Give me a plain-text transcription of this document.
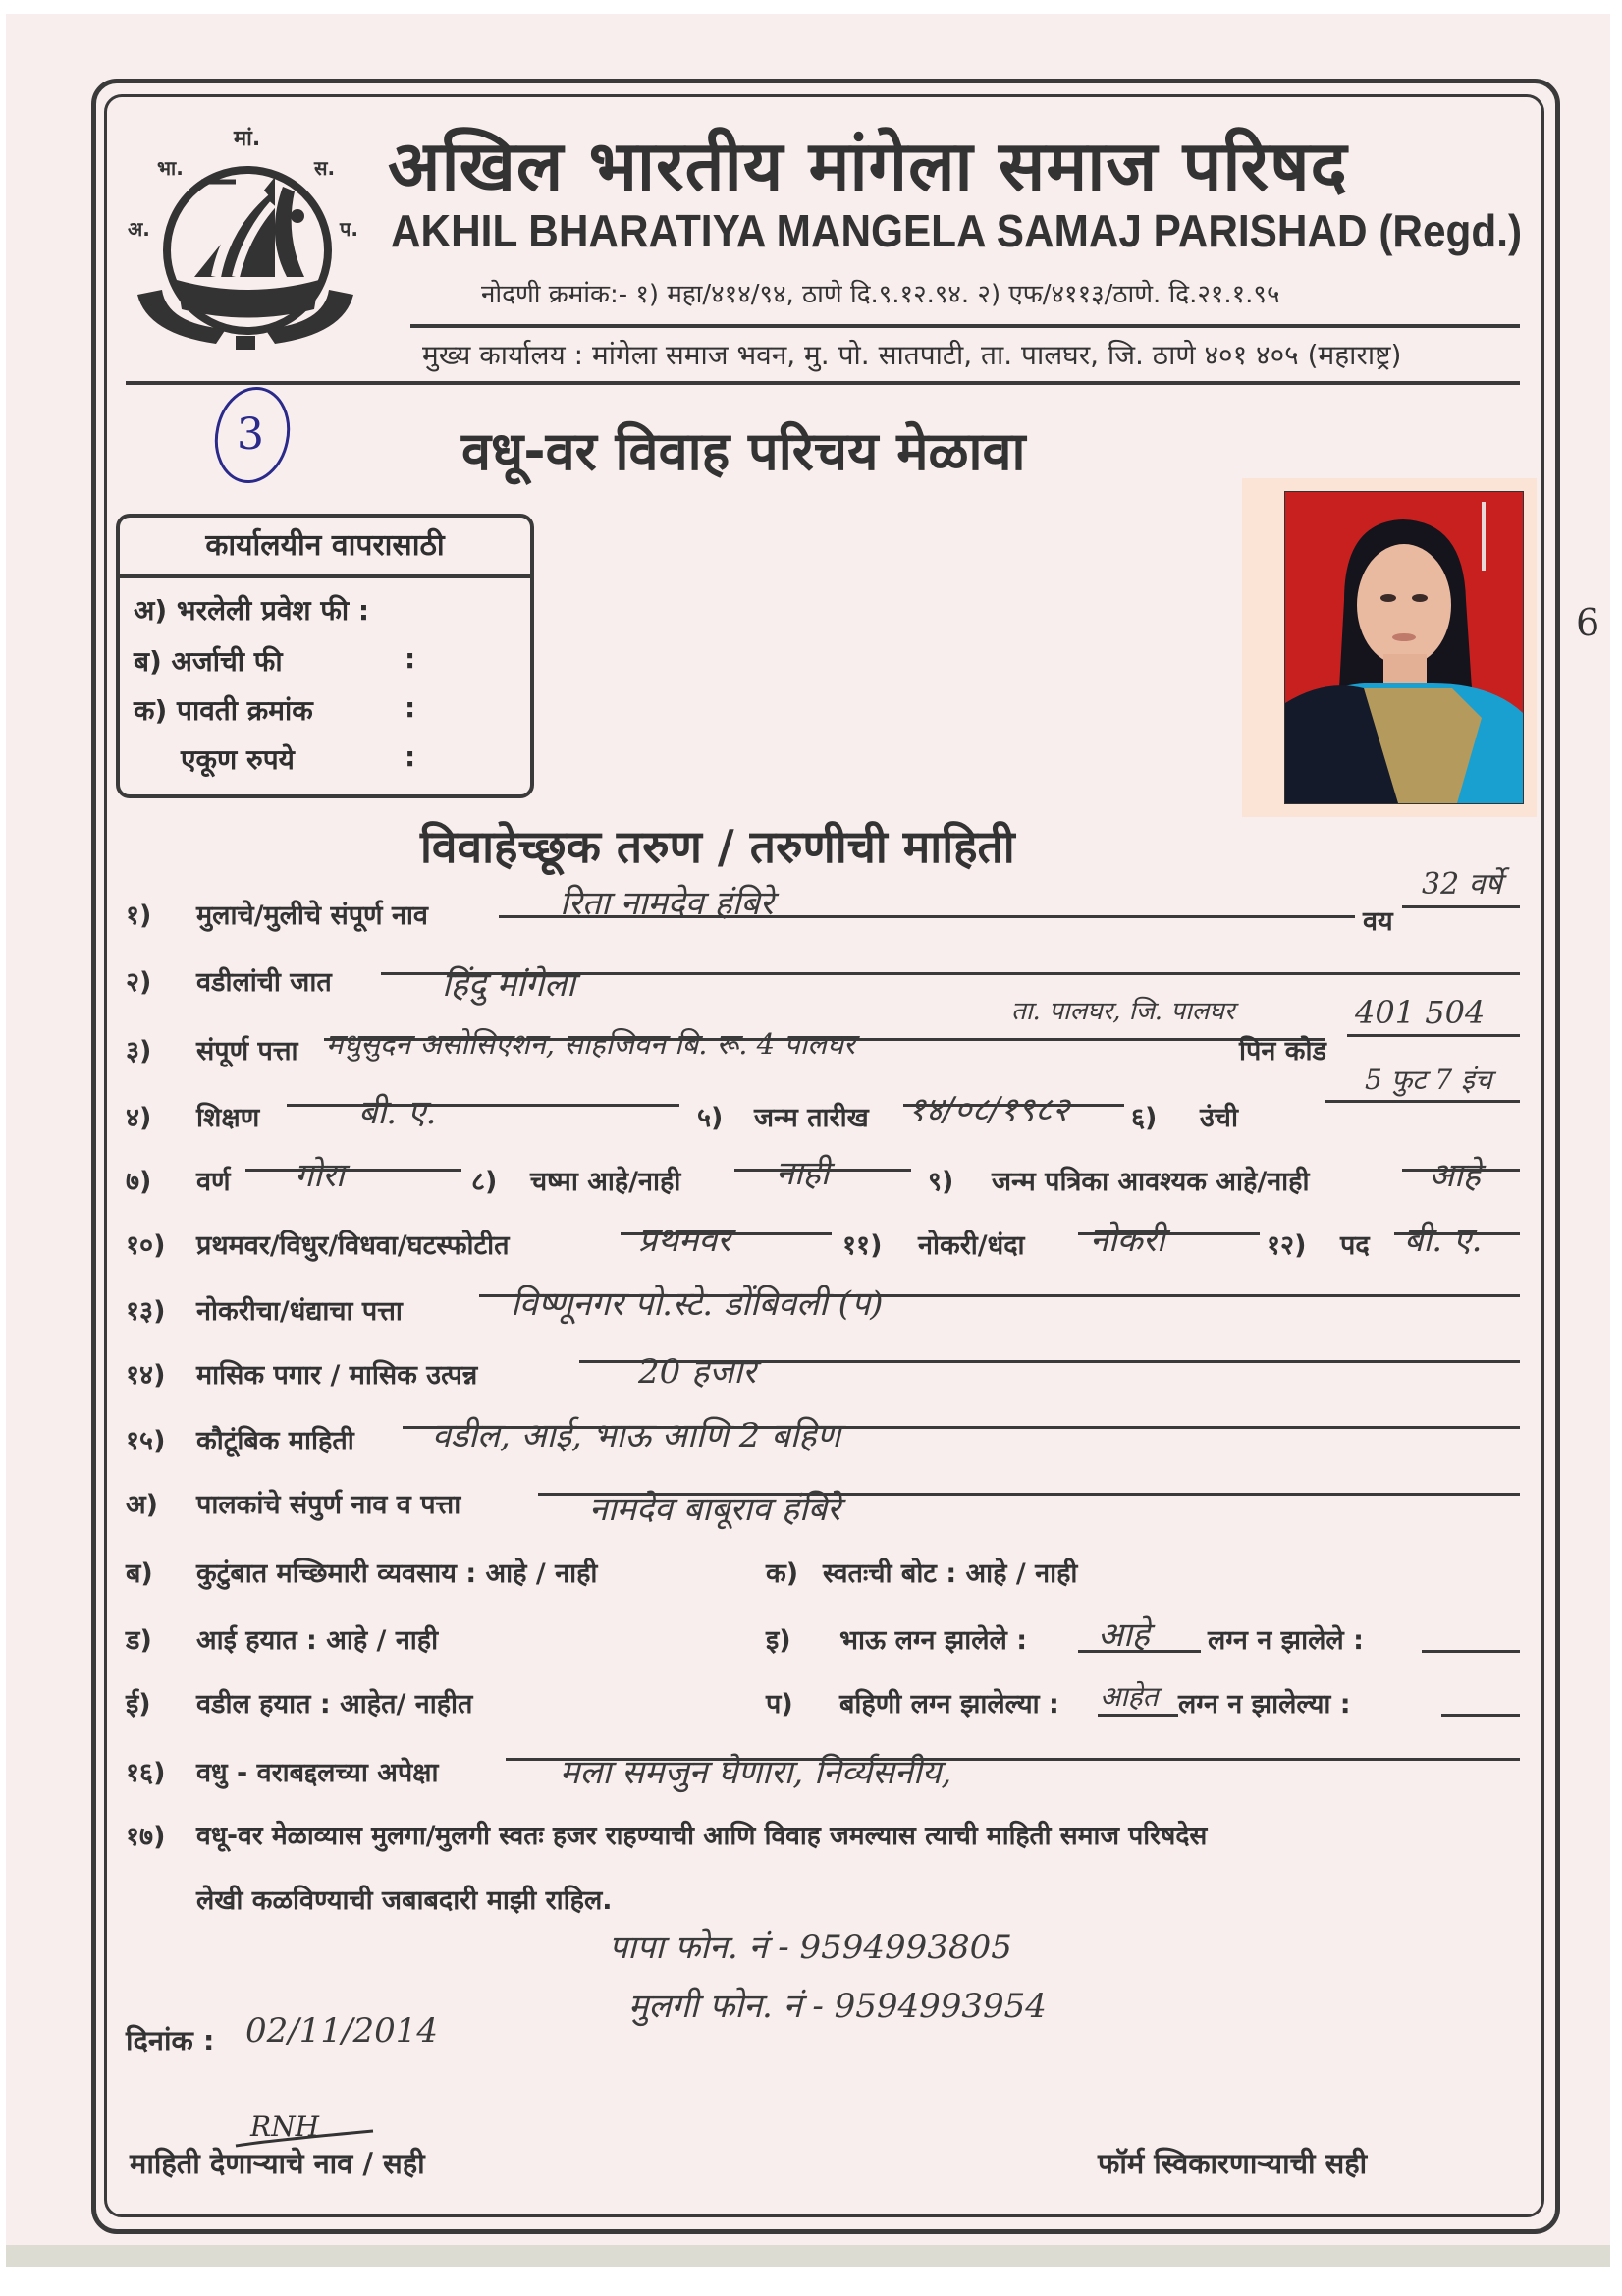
अ.
भा.
मां.
स.
प.
अखिल भारतीय मांगेला समाज परिषद
AKHIL BHARATIYA MANGELA SAMAJ PARISHAD (Regd.)
नोदणी क्रमांक:- १) महा/४१४/९४, ठाणे दि.९.१२.९४. २) एफ/४११३/ठाणे. दि.२१.१.९५
मुख्य कार्यालय : मांगेला समाज भवन, मु. पो. सातपाटी, ता. पालघर, जि. ठाणे ४०१ ४०५ (महाराष्ट्र)
3	वधू-वर विवाह परिचय मेळावा
कार्यालयीन वापरासाठी
अ) भरलेली प्रवेश फी :
ब) अर्जाची फी	:
क) पावती क्रमांक	:
एकूण रुपये	:
6
विवाहेच्छूक तरुण / तरुणीची माहिती
१) मुलाचे/मुलीचे संपूर्ण नाव	रिता नामदेव हंबिरे	वय
32 वर्षे
२) वडीलांची जात	हिंदु मांगेला
ता. पालघर, जि. पालघर
३) संपूर्ण पत्ता मधुसुदन असोसिएशन, साहजिवन बि. रू. 4 पालघर	पिन कोड
401 504
४) शिक्षण	बी. ए.	५) जन्म तारीख १४/०८/१९८२ ६) उंची
5 फुट 7 इंच
७) वर्ण गोरा	८) चष्मा आहे/नाही	नाही	९) जन्म पत्रिका आवश्यक आहे/नाही	आहे
१०) प्रथमवर/विधुर/विधवा/घटस्फोटीत	प्रथमवर	११) नोकरी/धंदा नोकरी	१२) पद बी. ए.
१३) नोकरीचा/धंद्याचा पत्ता	विष्णूनगर पो.स्टे. डोंबिवली (प)
१४) मासिक पगार / मासिक उत्पन्न	20 हजार
१५) कौटूंबिक माहिती वडील, आई, भाऊ आणि 2 बहिण
अ) पालकांचे संपुर्ण नाव व पत्ता	नामदेव बाबूराव हंबिरे
ब) कुटुंबात मच्छिमारी व्यवसाय : आहे / नाही	क) स्वतःची बोट : आहे / नाही
ड) आई हयात : आहे / नाही	इ) भाऊ लग्न झालेले : आहे लग्न न झालेले :
ई) वडील हयात : आहेत/ नाहीत	प) बहिणी लग्न झालेल्या : आहेत लग्न न झालेल्या :
१६) वधु - वराबद्दलच्या अपेक्षा	मला समजुन घेणारा, निर्व्यसनीय,
१७) वधू-वर मेळाव्यास मुलगा/मुलगी स्वतः हजर राहण्याची आणि विवाह जमल्यास त्याची माहिती समाज परिषदेस
लेखी कळविण्याची जबाबदारी माझी राहिल.
पापा फोन. नं - 9594993805
मुलगी फोन. नं - 9594993954
दिनांक : 02/11/2014
RNH
माहिती देणाऱ्याचे नाव / सही	फॉर्म स्विकारणाऱ्याची सही
